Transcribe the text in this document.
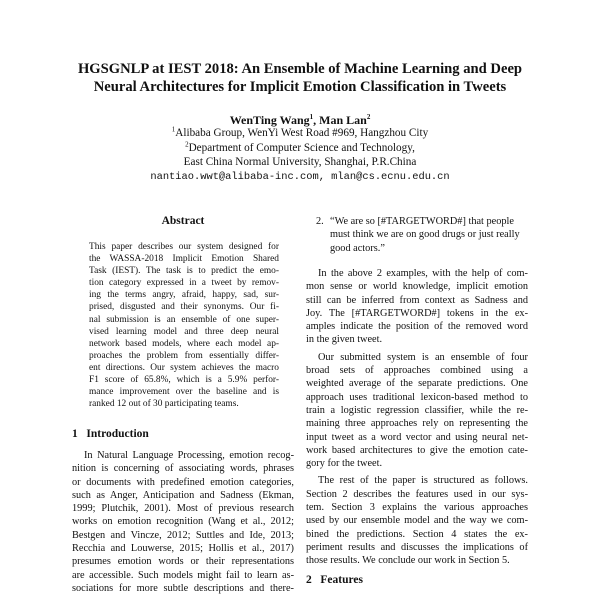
HGSGNLP at IEST 2018: An Ensemble of Machine Learning and Deep
Neural Architectures for Implicit Emotion Classification in Tweets
WenTing Wang$^1$, Man Lan$^2$
$^1$Alibaba Group, WenYi West Road #969, Hangzhou City
$^2$Department of Computer Science and Technology,
East China Normal University, Shanghai, P.R.China
nantiao.wwt@alibaba-inc.com, mlan@cs.ecnu.edu.cn
Abstract
This paper describes our system designed for
the WASSA-2018 Implicit Emotion Shared
Task (IEST). The task is to predict the emo-
tion category expressed in a tweet by remov-
ing the terms angry, afraid, happy, sad, sur-
prised, disgusted and their synonyms. Our fi-
nal submission is an ensemble of one super-
vised learning model and three deep neural
network based models, where each model ap-
proaches the problem from essentially differ-
ent directions. Our system achieves the macro
F1 score of 65.8%, which is a 5.9% perfor-
mance improvement over the baseline and is
ranked 12 out of 30 participating teams.
1 Introduction
In Natural Language Processing, emotion recog-
nition is concerning of associating words, phrases
or documents with predefined emotion categories,
such as Anger, Anticipation and Sadness (Ekman,
1999; Plutchik, 2001). Most of previous research
works on emotion recognition (Wang et al., 2012;
Bestgen and Vincze, 2012; Suttles and Ide, 2013;
Recchia and Louwerse, 2015; Hollis et al., 2017)
presumes emotion words or their representations
are accessible. Such models might fail to learn as-
sociations for more subtle descriptions and there-
2. “We are so [#TARGETWORD#] that people
must think we are on good drugs or just really
good actors.”

In the above 2 examples, with the help of com-
mon sense or world knowledge, implicit emotion
still can be inferred from context as Sadness and
Joy. The [#TARGETWORD#] tokens in the ex-
amples indicate the position of the removed word
in the given tweet.

Our submitted system is an ensemble of four
broad sets of approaches combined using a
weighted average of the separate predictions. One
approach uses traditional lexicon-based method to
train a logistic regression classifier, while the re-
maining three approaches rely on representing the
input tweet as a word vector and using neural net-
work based architectures to give the emotion cate-
gory for the tweet.

The rest of the paper is structured as follows.
Section 2 describes the features used in our sys-
tem. Section 3 explains the various approaches
used by our ensemble model and the way we com-
bined the predictions. Section 4 states the ex-
periment results and discusses the implications of
those results. We conclude our work in Section 5.

2 Features
